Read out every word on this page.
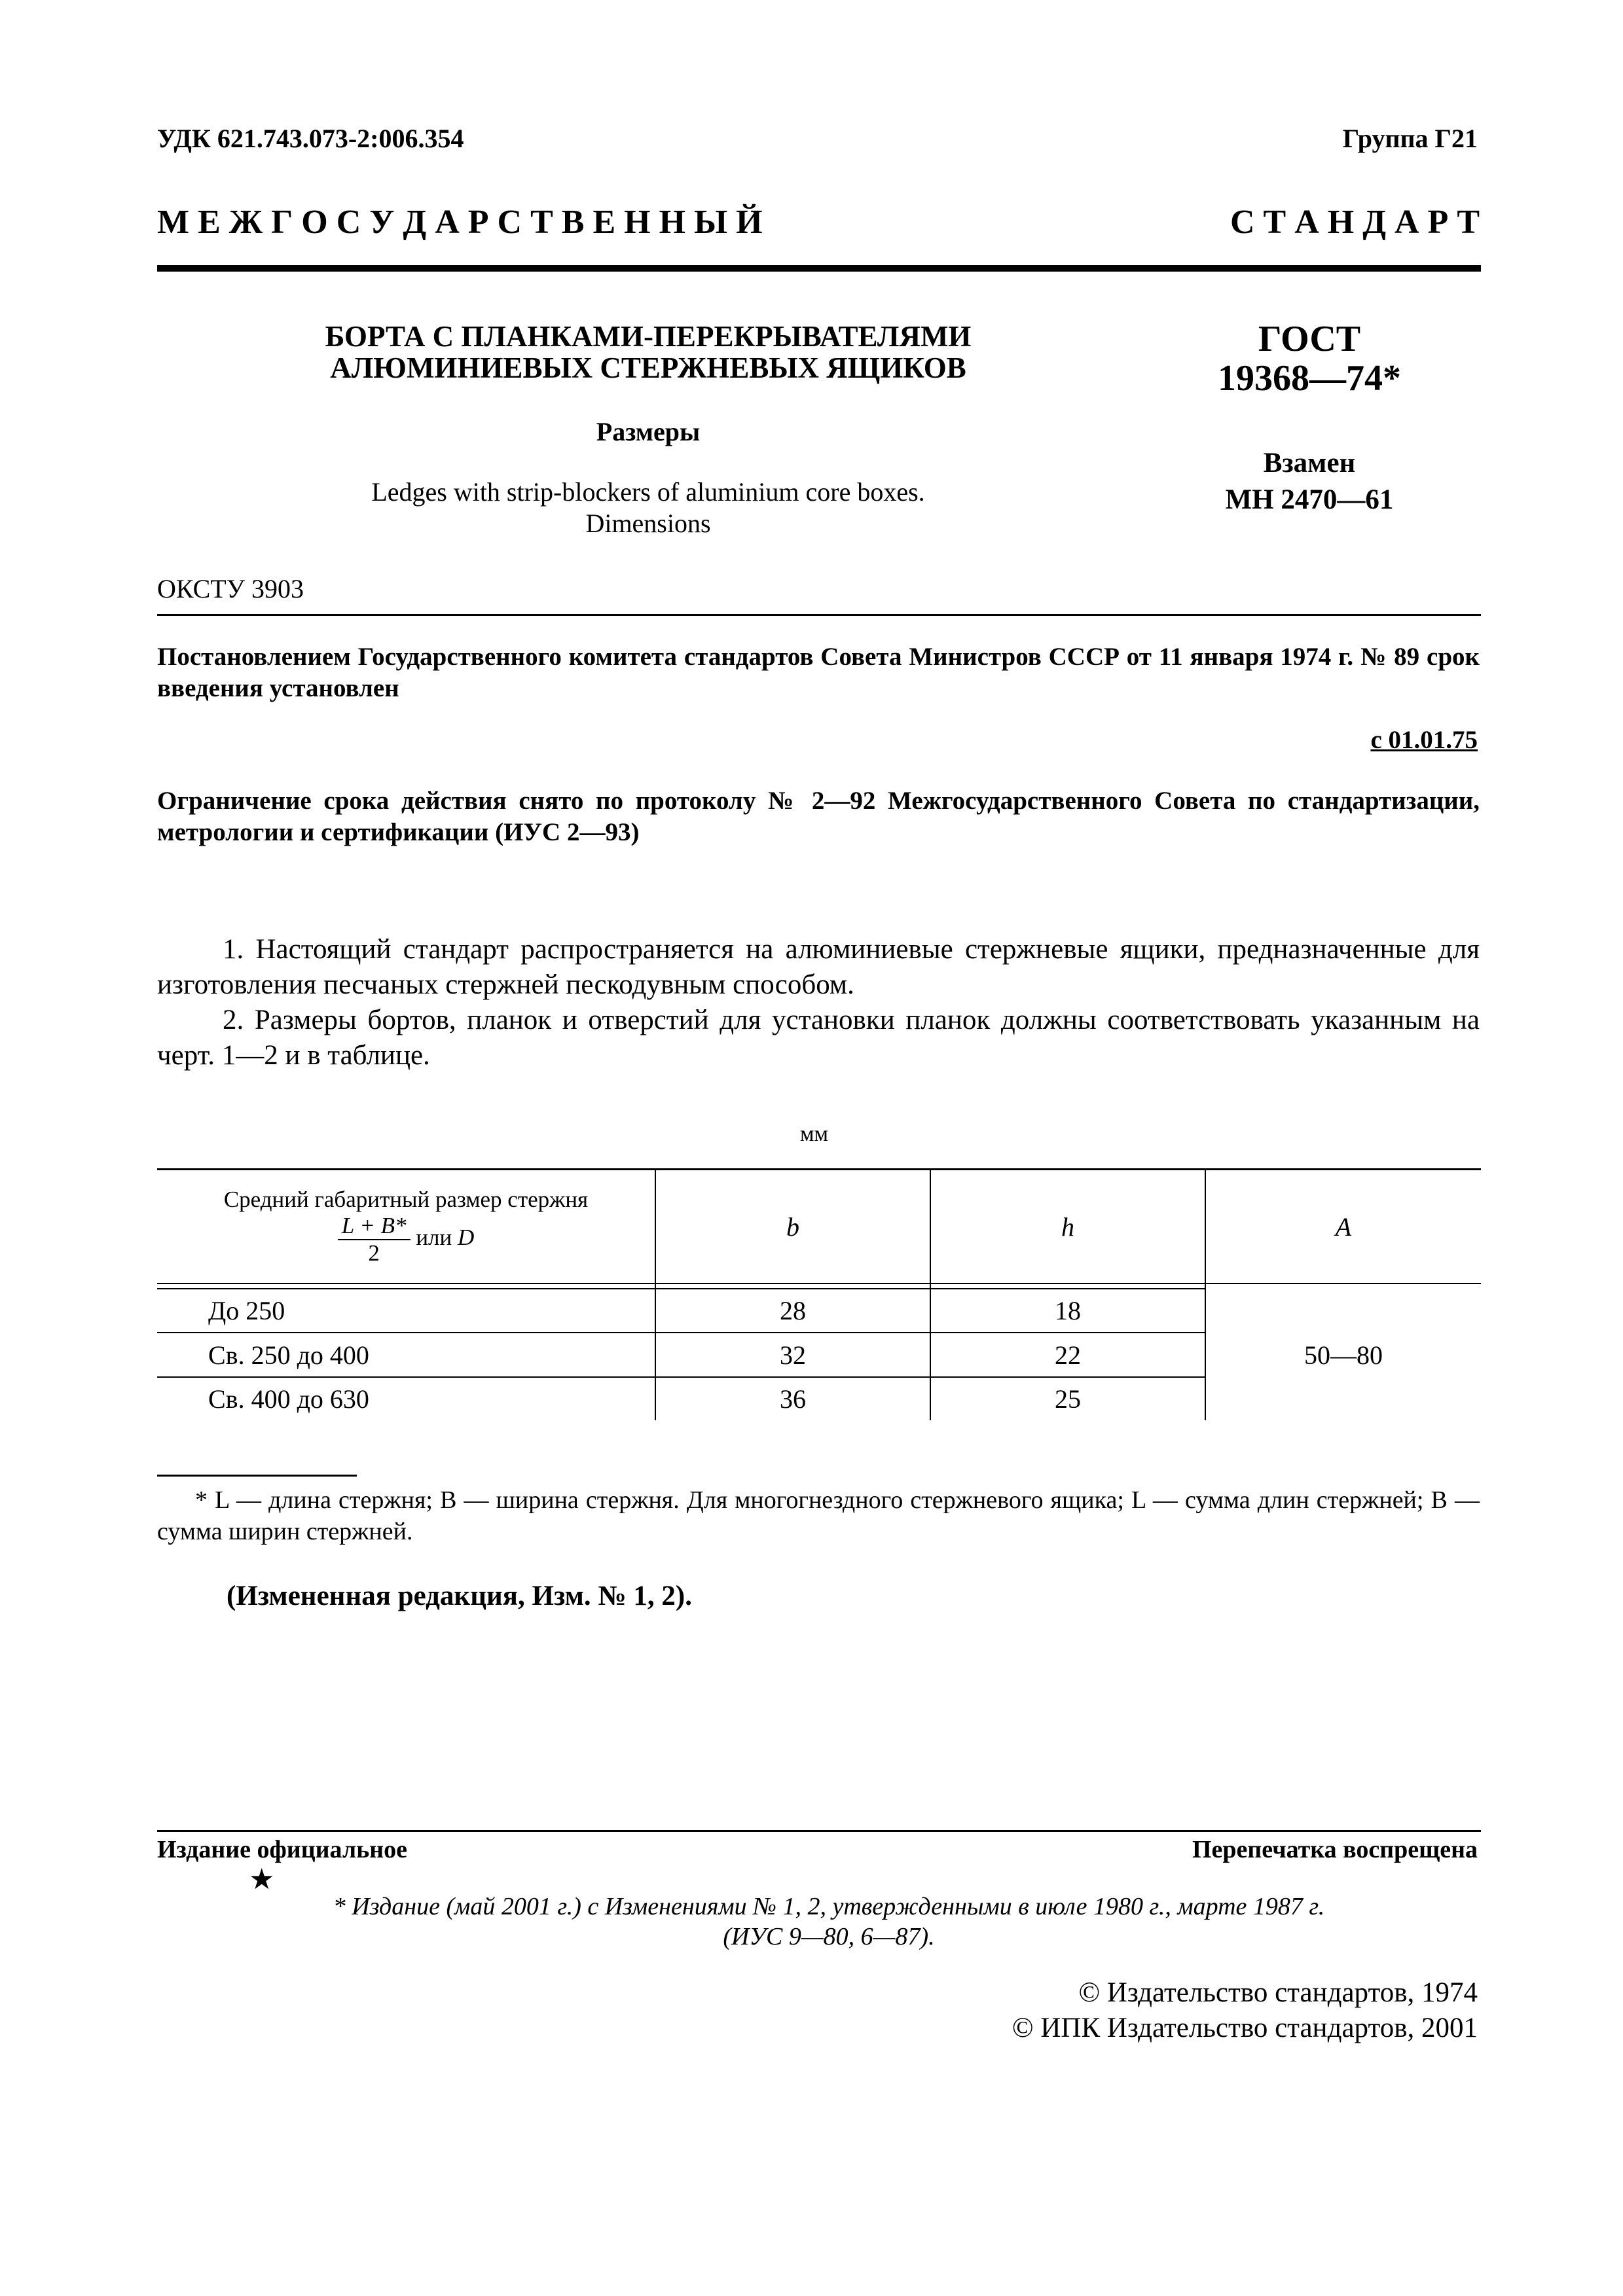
УДК 621.743.073-2:006.354	Группа Г21
М Е Ж Г О С У Д А Р С Т В Е Н Н Ы Й	С Т А Н Д А Р Т
БОРТА С ПЛАНКАМИ-ПЕРЕКРЫВАТЕЛЯМИ
АЛЮМИНИЕВЫХ СТЕРЖНЕВЫХ ЯЩИКОВ
Размеры
Ledges with strip-blockers of aluminium core boxes.
Dimensions
ГОСТ
19368—74*
Взамен
МН 2470—61
ОКСТУ 3903
Постановлением Государственного комитета стандартов Совета Министров СССР от 11 января 1974 г. № 89 срок введения установлен
с 01.01.75
Ограничение срока действия снято по протоколу № 2—92 Межгосударственного Совета по стандартизации, метрологии и сертификации (ИУС 2—93)

1. Настоящий стандарт распространяется на алюминиевые стержневые ящики, предназначенные для изготовления песчаных стержней пескодувным способом.

2. Размеры бортов, планок и отверстий для установки планок должны соответствовать указанным на черт. 1—2 и в таблице.

мм
Средний габаритный размер стержня
$\frac{L + B*}{2}$ или D	b	h	A
До 250	28	18
Св. 250 до 400	32	22
Св. 400 до 630	36	25
50—80
* L — длина стержня; B — ширина стержня. Для многогнездного стержневого ящика; L — сумма длин стержней; B — сумма ширин стержней.
(Измененная редакция, Изм. № 1, 2).
Издание официальное	Перепечатка воспрещена
★
* Издание (май 2001 г.) с Изменениями № 1, 2, утвержденными в июле 1980 г., марте 1987 г.
(ИУС 9—80, 6—87).
© Издательство стандартов, 1974
© ИПК Издательство стандартов, 2001
